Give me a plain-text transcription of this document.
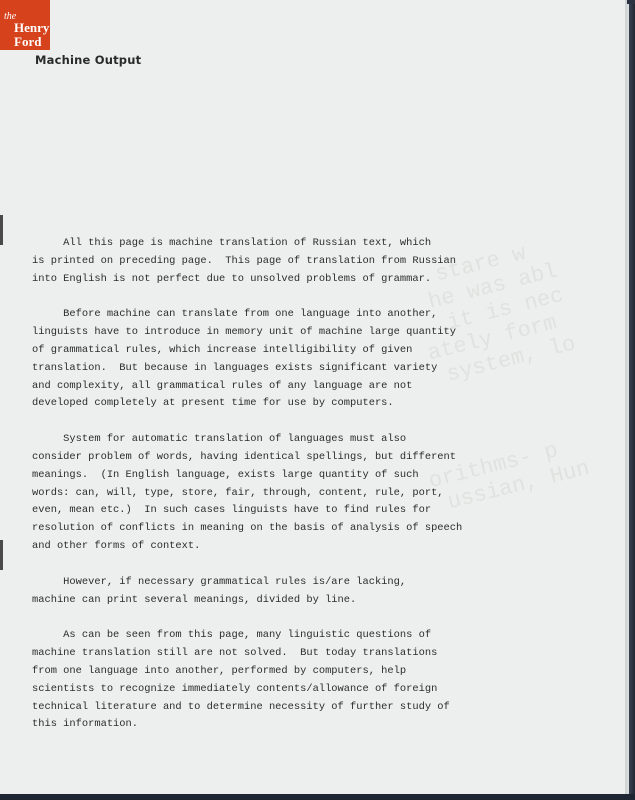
stare w
he was abl
it is nec
ately form
system, lo
orithms- p
ussian, Hun
the
Henry
Ford
Machine Output

All this page is machine translation of Russian text, which
is printed on preceding page.  This page of translation from Russian
into English is not perfect due to unsolved problems of grammar.

Before machine can translate from one language into another,
linguists have to introduce in memory unit of machine large quantity
of grammatical rules, which increase intelligibility of given
translation.  But because in languages exists significant variety
and complexity, all grammatical rules of any language are not
developed completely at present time for use by computers.

System for automatic translation of languages must also
consider problem of words, having identical spellings, but different
meanings.  (In English language, exists large quantity of such
words: can, will, type, store, fair, through, content, rule, port,
even, mean etc.)  In such cases linguists have to find rules for
resolution of conflicts in meaning on the basis of analysis of speech
and other forms of context.

However, if necessary grammatical rules is/are lacking,
machine can print several meanings, divided by line.

As can be seen from this page, many linguistic questions of
machine translation still are not solved.  But today translations
from one language into another, performed by computers, help
scientists to recognize immediately contents/allowance of foreign
technical literature and to determine necessity of further study of
this information.
